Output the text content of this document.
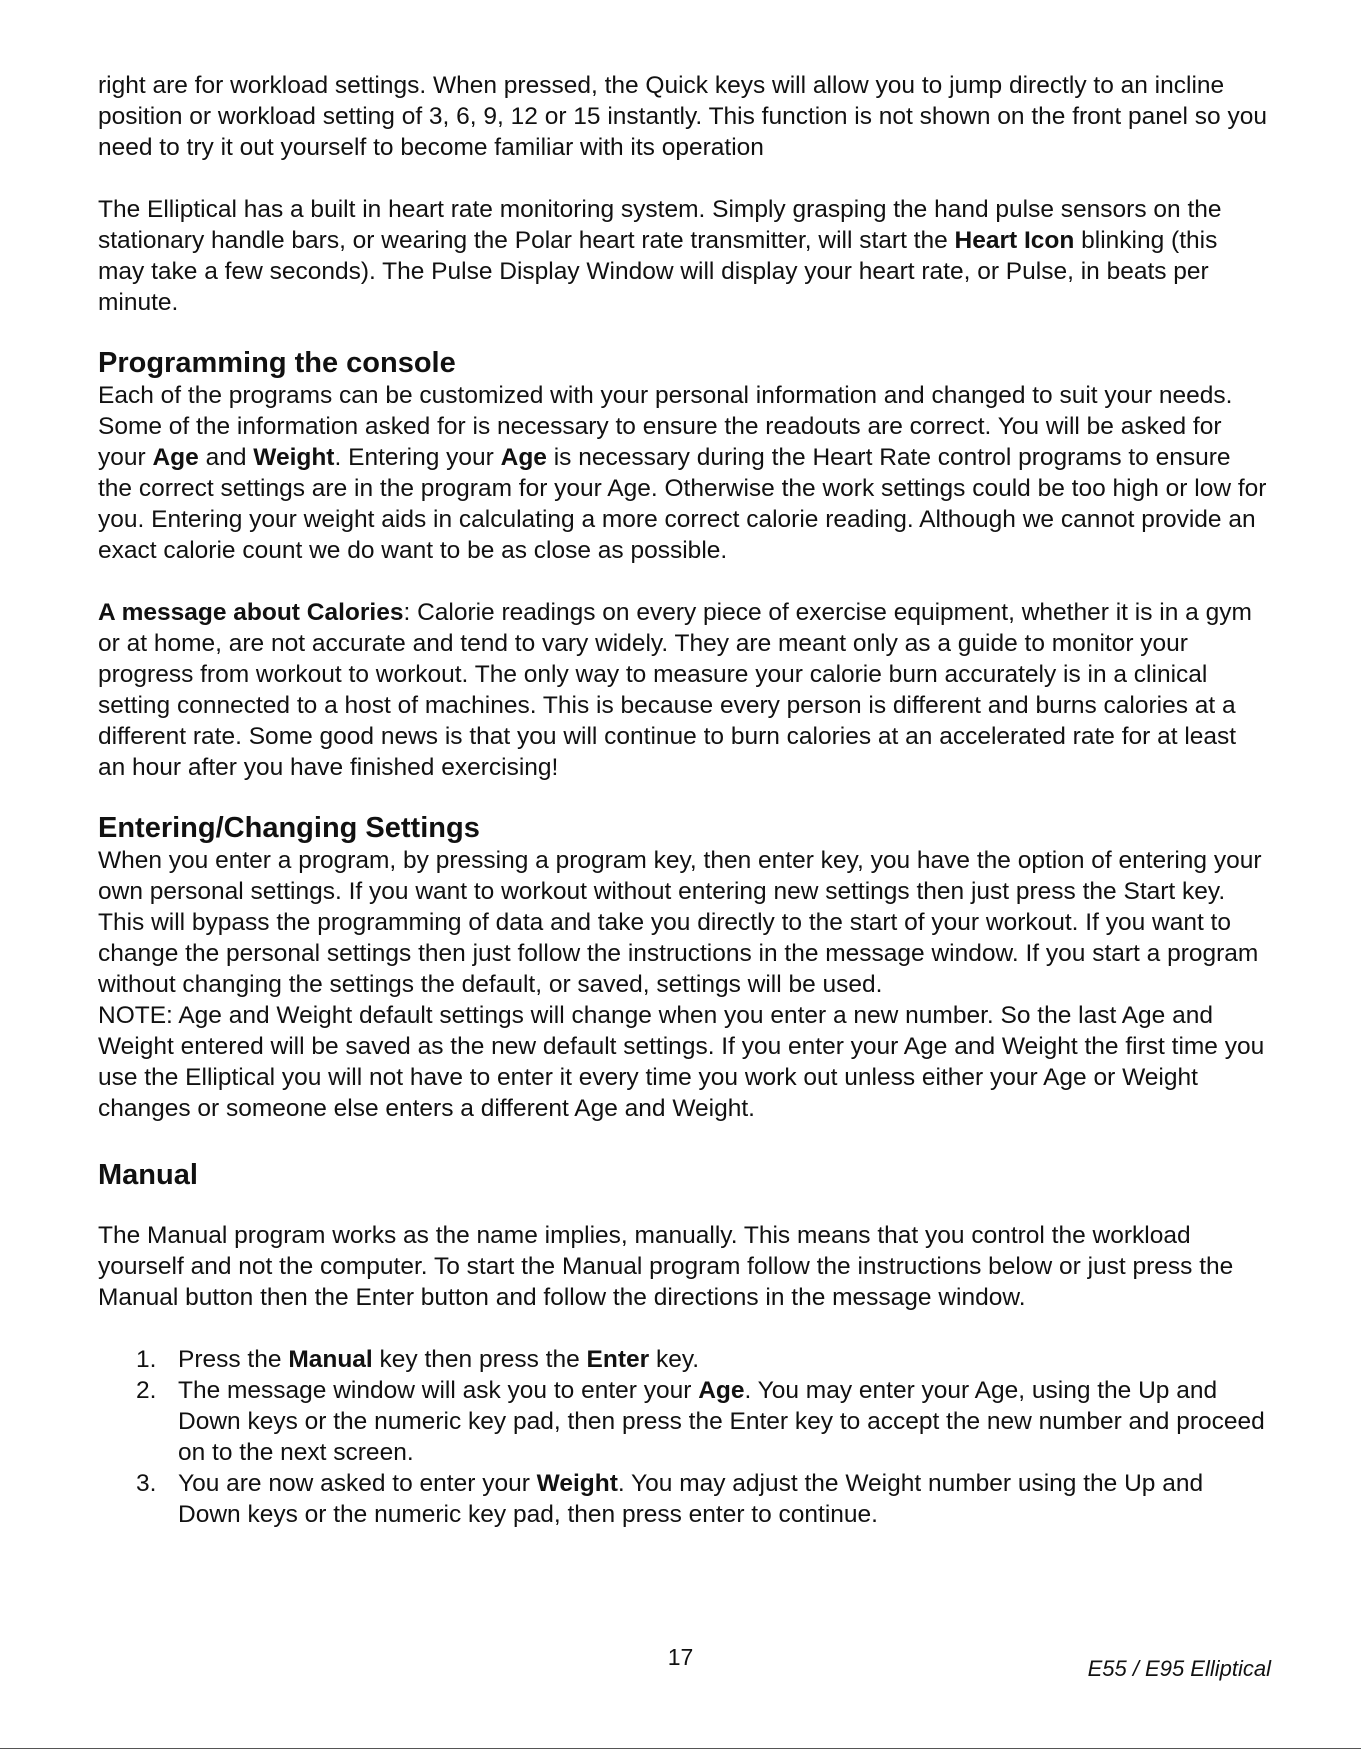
right are for workload settings. When pressed, the Quick keys will allow you to jump directly to an incline position or workload setting of 3, 6, 9, 12 or 15 instantly. This function is not shown on the front panel so you need to try it out yourself to become familiar with its operation

The Elliptical has a built in heart rate monitoring system. Simply grasping the hand pulse sensors on the stationary handle bars, or wearing the Polar heart rate transmitter, will start the Heart Icon blinking (this may take a few seconds). The Pulse Display Window will display your heart rate, or Pulse, in beats per minute.

Programming the console

Each of the programs can be customized with your personal information and changed to suit your needs. Some of the information asked for is necessary to ensure the readouts are correct. You will be asked for your Age and Weight. Entering your Age is necessary during the Heart Rate control programs to ensure the correct settings are in the program for your Age. Otherwise the work settings could be too high or low for you. Entering your weight aids in calculating a more correct calorie reading. Although we cannot provide an exact calorie count we do want to be as close as possible.

A message about Calories: Calorie readings on every piece of exercise equipment, whether it is in a gym or at home, are not accurate and tend to vary widely. They are meant only as a guide to monitor your progress from workout to workout. The only way to measure your calorie burn accurately is in a clinical setting connected to a host of machines. This is because every person is different and burns calories at a different rate. Some good news is that you will continue to burn calories at an accelerated rate for at least an hour after you have finished exercising!

Entering/Changing Settings

When you enter a program, by pressing a program key, then enter key, you have the option of entering your own personal settings. If you want to workout without entering new settings then just press the Start key. This will bypass the programming of data and take you directly to the start of your workout. If you want to change the personal settings then just follow the instructions in the message window. If you start a program without changing the settings the default, or saved, settings will be used.

NOTE: Age and Weight default settings will change when you enter a new number. So the last Age and Weight entered will be saved as the new default settings. If you enter your Age and Weight the first time you use the Elliptical you will not have to enter it every time you work out unless either your Age or Weight changes or someone else enters a different Age and Weight.

Manual

The Manual program works as the name implies, manually. This means that you control the workload yourself and not the computer. To start the Manual program follow the instructions below or just press the Manual button then the Enter button and follow the directions in the message window.

1. Press the Manual key then press the Enter key.
2. The message window will ask you to enter your Age. You may enter your Age, using the Up and Down keys or the numeric key pad, then press the Enter key to accept the new number and proceed on to the next screen.
3. You are now asked to enter your Weight. You may adjust the Weight number using the Up and Down keys or the numeric key pad, then press enter to continue.
17	E55 / E95 Elliptical
